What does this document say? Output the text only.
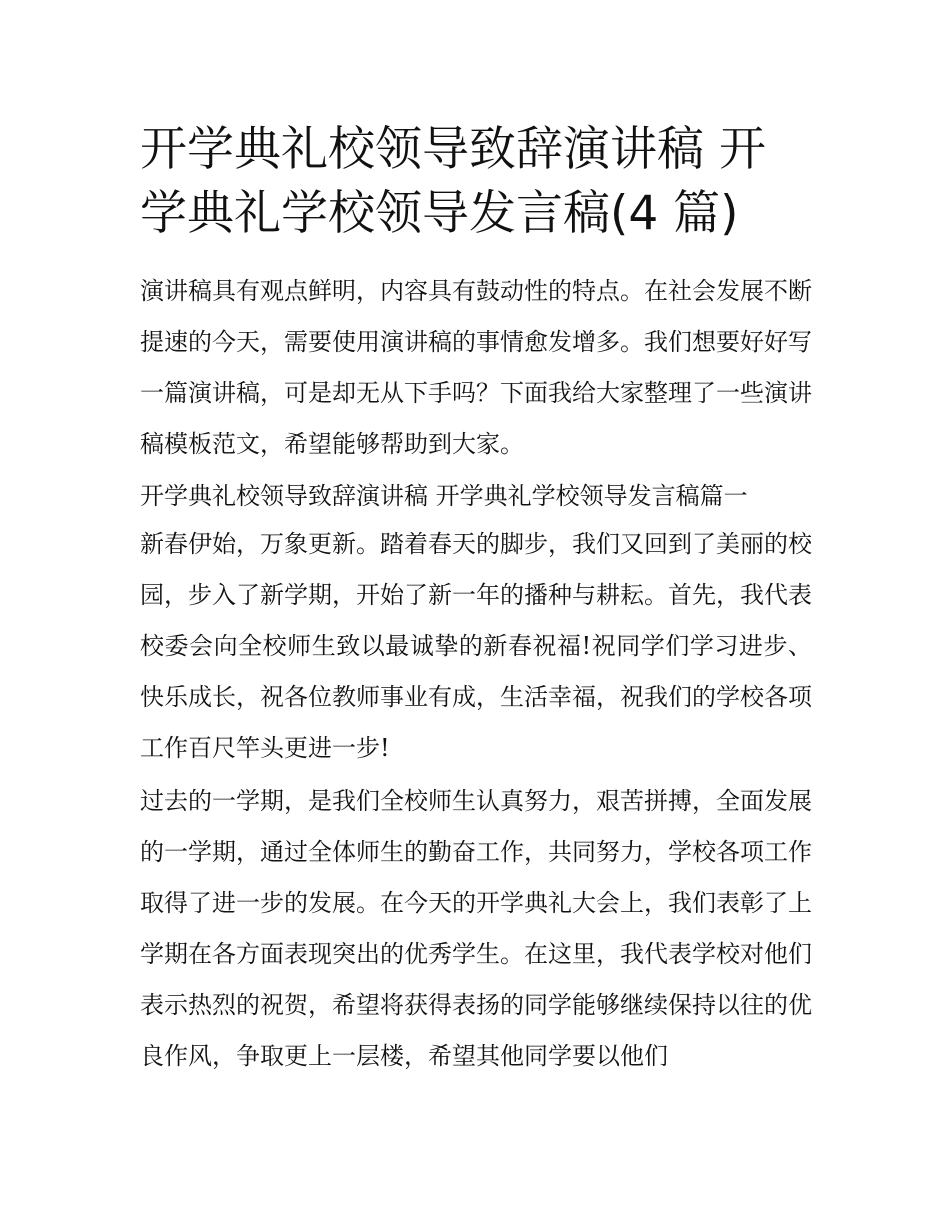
开学典礼校领导致辞演讲稿 开学典礼学校领导发言稿(4 篇)

演讲稿具有观点鲜明，内容具有鼓动性的特点。在社会发展不断提速的今天，需要使用演讲稿的事情愈发增多。我们想要好好写一篇演讲稿，可是却无从下手吗？下面我给大家整理了一些演讲稿模板范文，希望能够帮助到大家。

开学典礼校领导致辞演讲稿 开学典礼学校领导发言稿篇一

新春伊始，万象更新。踏着春天的脚步，我们又回到了美丽的校园，步入了新学期，开始了新一年的播种与耕耘。首先，我代表校委会向全校师生致以最诚挚的新春祝福!祝同学们学习进步、快乐成长，祝各位教师事业有成，生活幸福，祝我们的学校各项工作百尺竿头更进一步!

过去的一学期，是我们全校师生认真努力，艰苦拼搏，全面发展的一学期，通过全体师生的勤奋工作，共同努力，学校各项工作取得了进一步的发展。在今天的开学典礼大会上，我们表彰了上学期在各方面表现突出的优秀学生。在这里，我代表学校对他们表示热烈的祝贺，希望将获得表扬的同学能够继续保持以往的优良作风，争取更上一层楼，希望其他同学要以他们
